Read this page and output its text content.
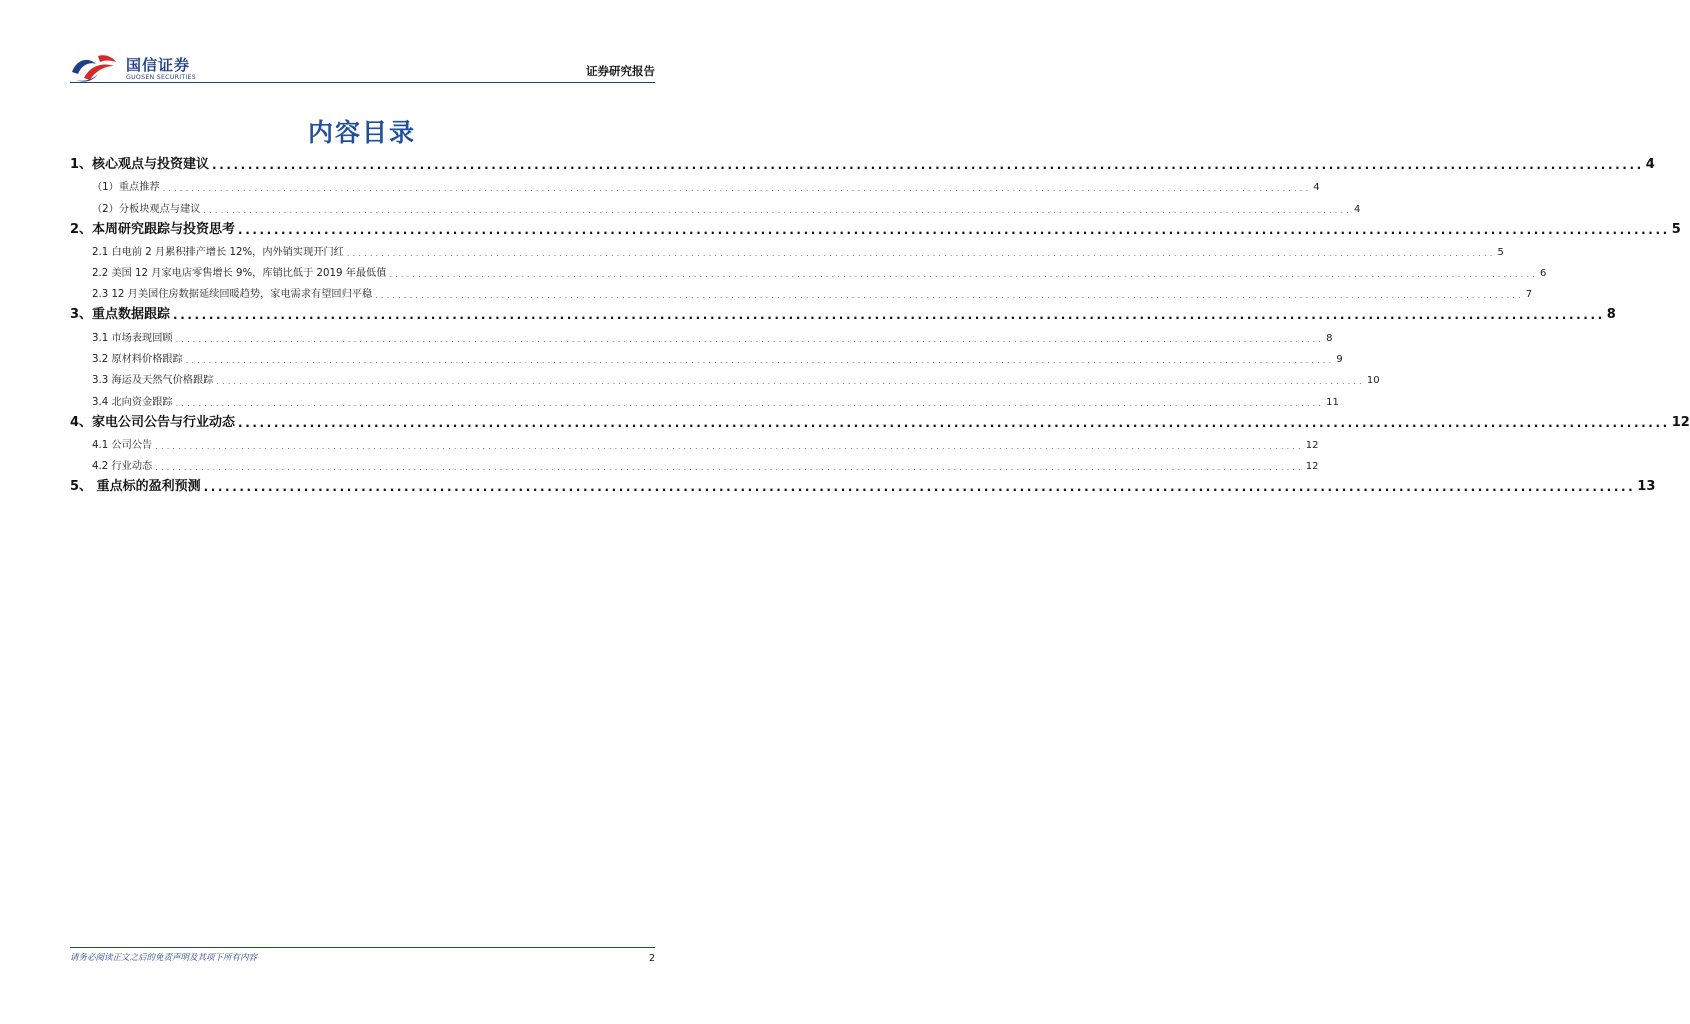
国信证券
GUOSEN SECURITIES	证券研究报告
内容目录
1、核心观点与投资建议 ........................................................................................................................................................................................................ 4
（1）重点推荐 ........................................................................................................................................................................................................ 4
（2）分板块观点与建议 ........................................................................................................................................................................................................ 4
2、本周研究跟踪与投资思考 ........................................................................................................................................................................................................ 5
2.1 白电前 2 月累积排产增长 12%，内外销实现开门红 ........................................................................................................................................................................................................ 5
2.2 美国 12 月家电店零售增长 9%，库销比低于 2019 年最低值 ........................................................................................................................................................................................................ 6
2.3 12 月美国住房数据延续回暖趋势，家电需求有望回归平稳 ........................................................................................................................................................................................................ 7
3、重点数据跟踪 ........................................................................................................................................................................................................ 8
3.1 市场表现回顾 ........................................................................................................................................................................................................ 8
3.2 原材料价格跟踪 ........................................................................................................................................................................................................ 9
3.3 海运及天然气价格跟踪 ........................................................................................................................................................................................................ 10
3.4 北向资金跟踪 ........................................................................................................................................................................................................ 11
4、家电公司公告与行业动态 ........................................................................................................................................................................................................ 12
4.1 公司公告 ........................................................................................................................................................................................................ 12
4.2 行业动态 ........................................................................................................................................................................................................ 12
5、 重点标的盈利预测 ........................................................................................................................................................................................................ 13
请务必阅读正文之后的免责声明及其项下所有内容	2
